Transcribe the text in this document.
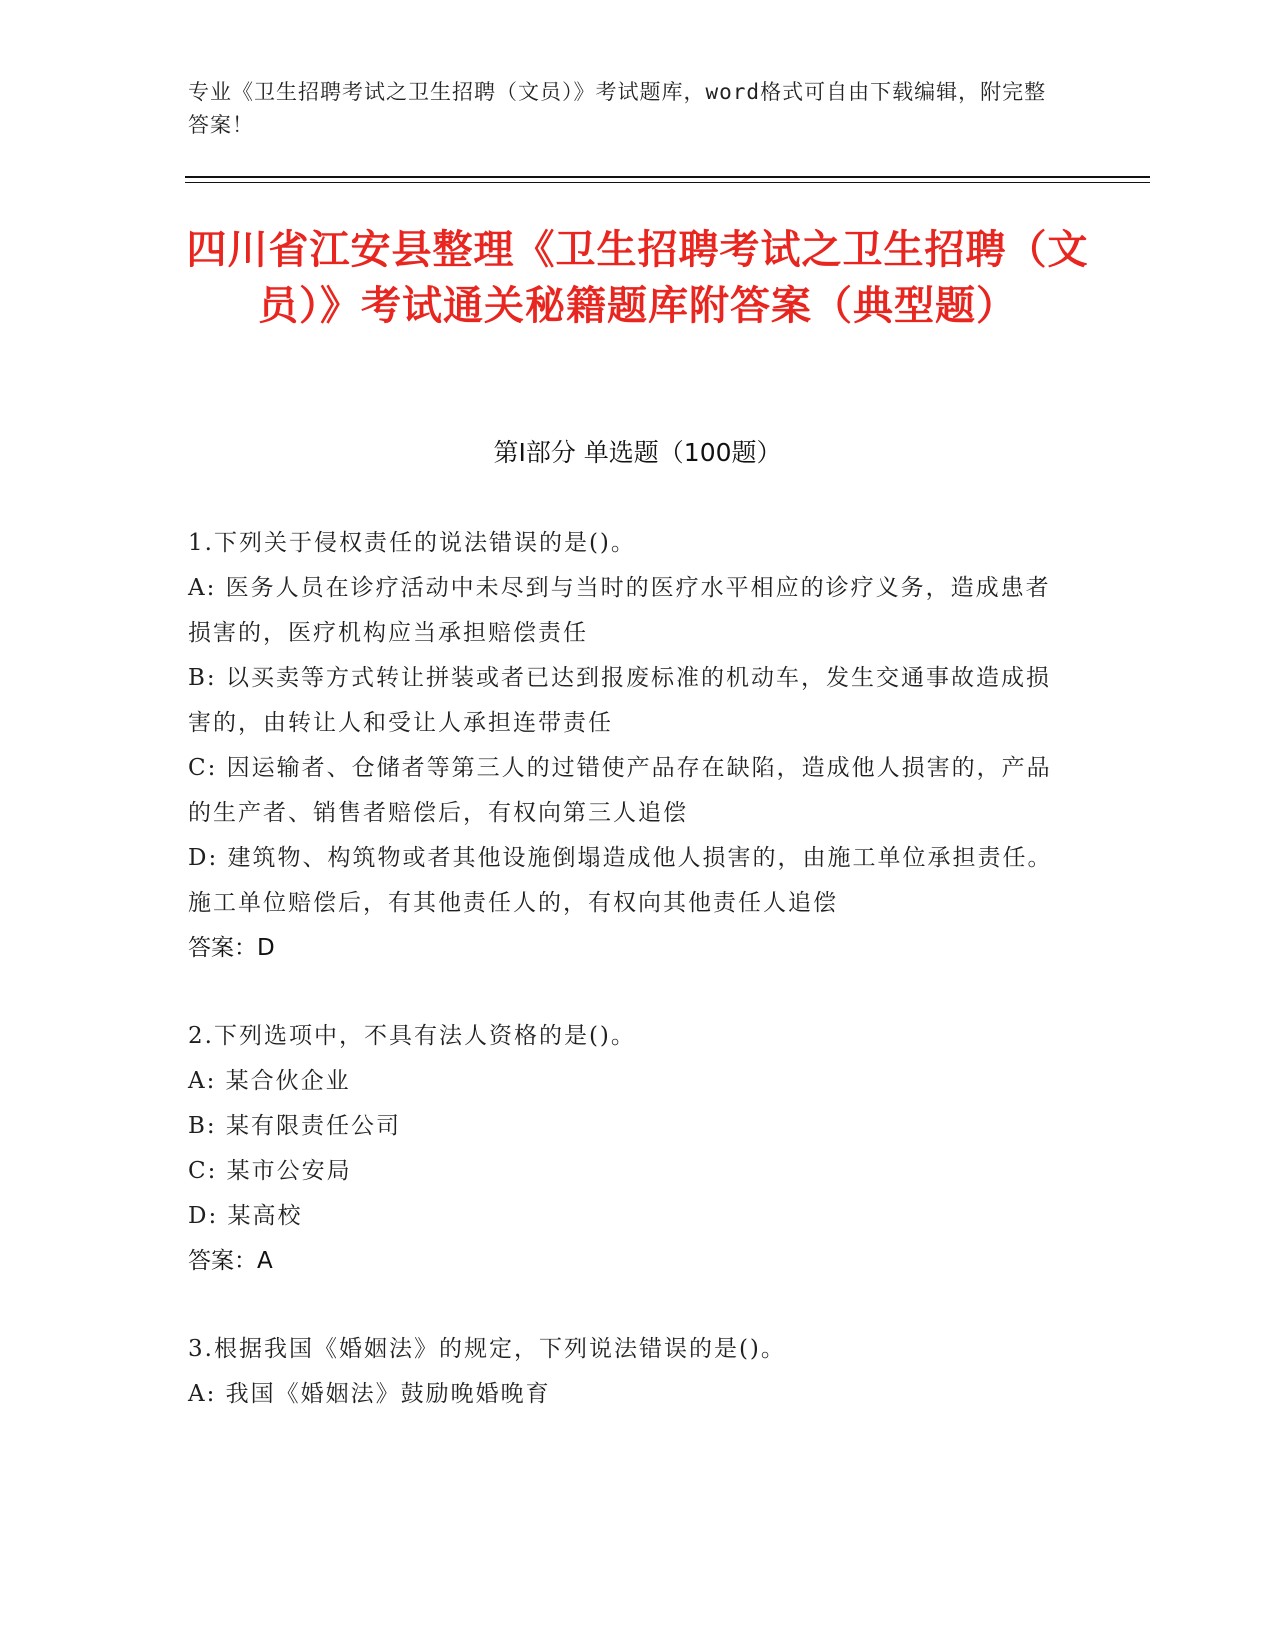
专业《卫生招聘考试之卫生招聘（文员）》考试题库，word格式可自由下载编辑，附完整答案！
四川省江安县整理《卫生招聘考试之卫生招聘（文员）》考试通关秘籍题库附答案（典型题）
第Ⅰ部分 单选题（100题）

1.下列关于侵权责任的说法错误的是()。

A: 医务人员在诊疗活动中未尽到与当时的医疗水平相应的诊疗义务，造成患者损害的，医疗机构应当承担赔偿责任

B: 以买卖等方式转让拼装或者已达到报废标准的机动车，发生交通事故造成损害的，由转让人和受让人承担连带责任

C: 因运输者、仓储者等第三人的过错使产品存在缺陷，造成他人损害的，产品的生产者、销售者赔偿后，有权向第三人追偿

D: 建筑物、构筑物或者其他设施倒塌造成他人损害的，由施工单位承担责任。施工单位赔偿后，有其他责任人的，有权向其他责任人追偿

答案：D

2.下列选项中，不具有法人资格的是()。

A: 某合伙企业

B: 某有限责任公司

C: 某市公安局

D: 某高校

答案：A

3.根据我国《婚姻法》的规定，下列说法错误的是()。

A: 我国《婚姻法》鼓励晚婚晚育
